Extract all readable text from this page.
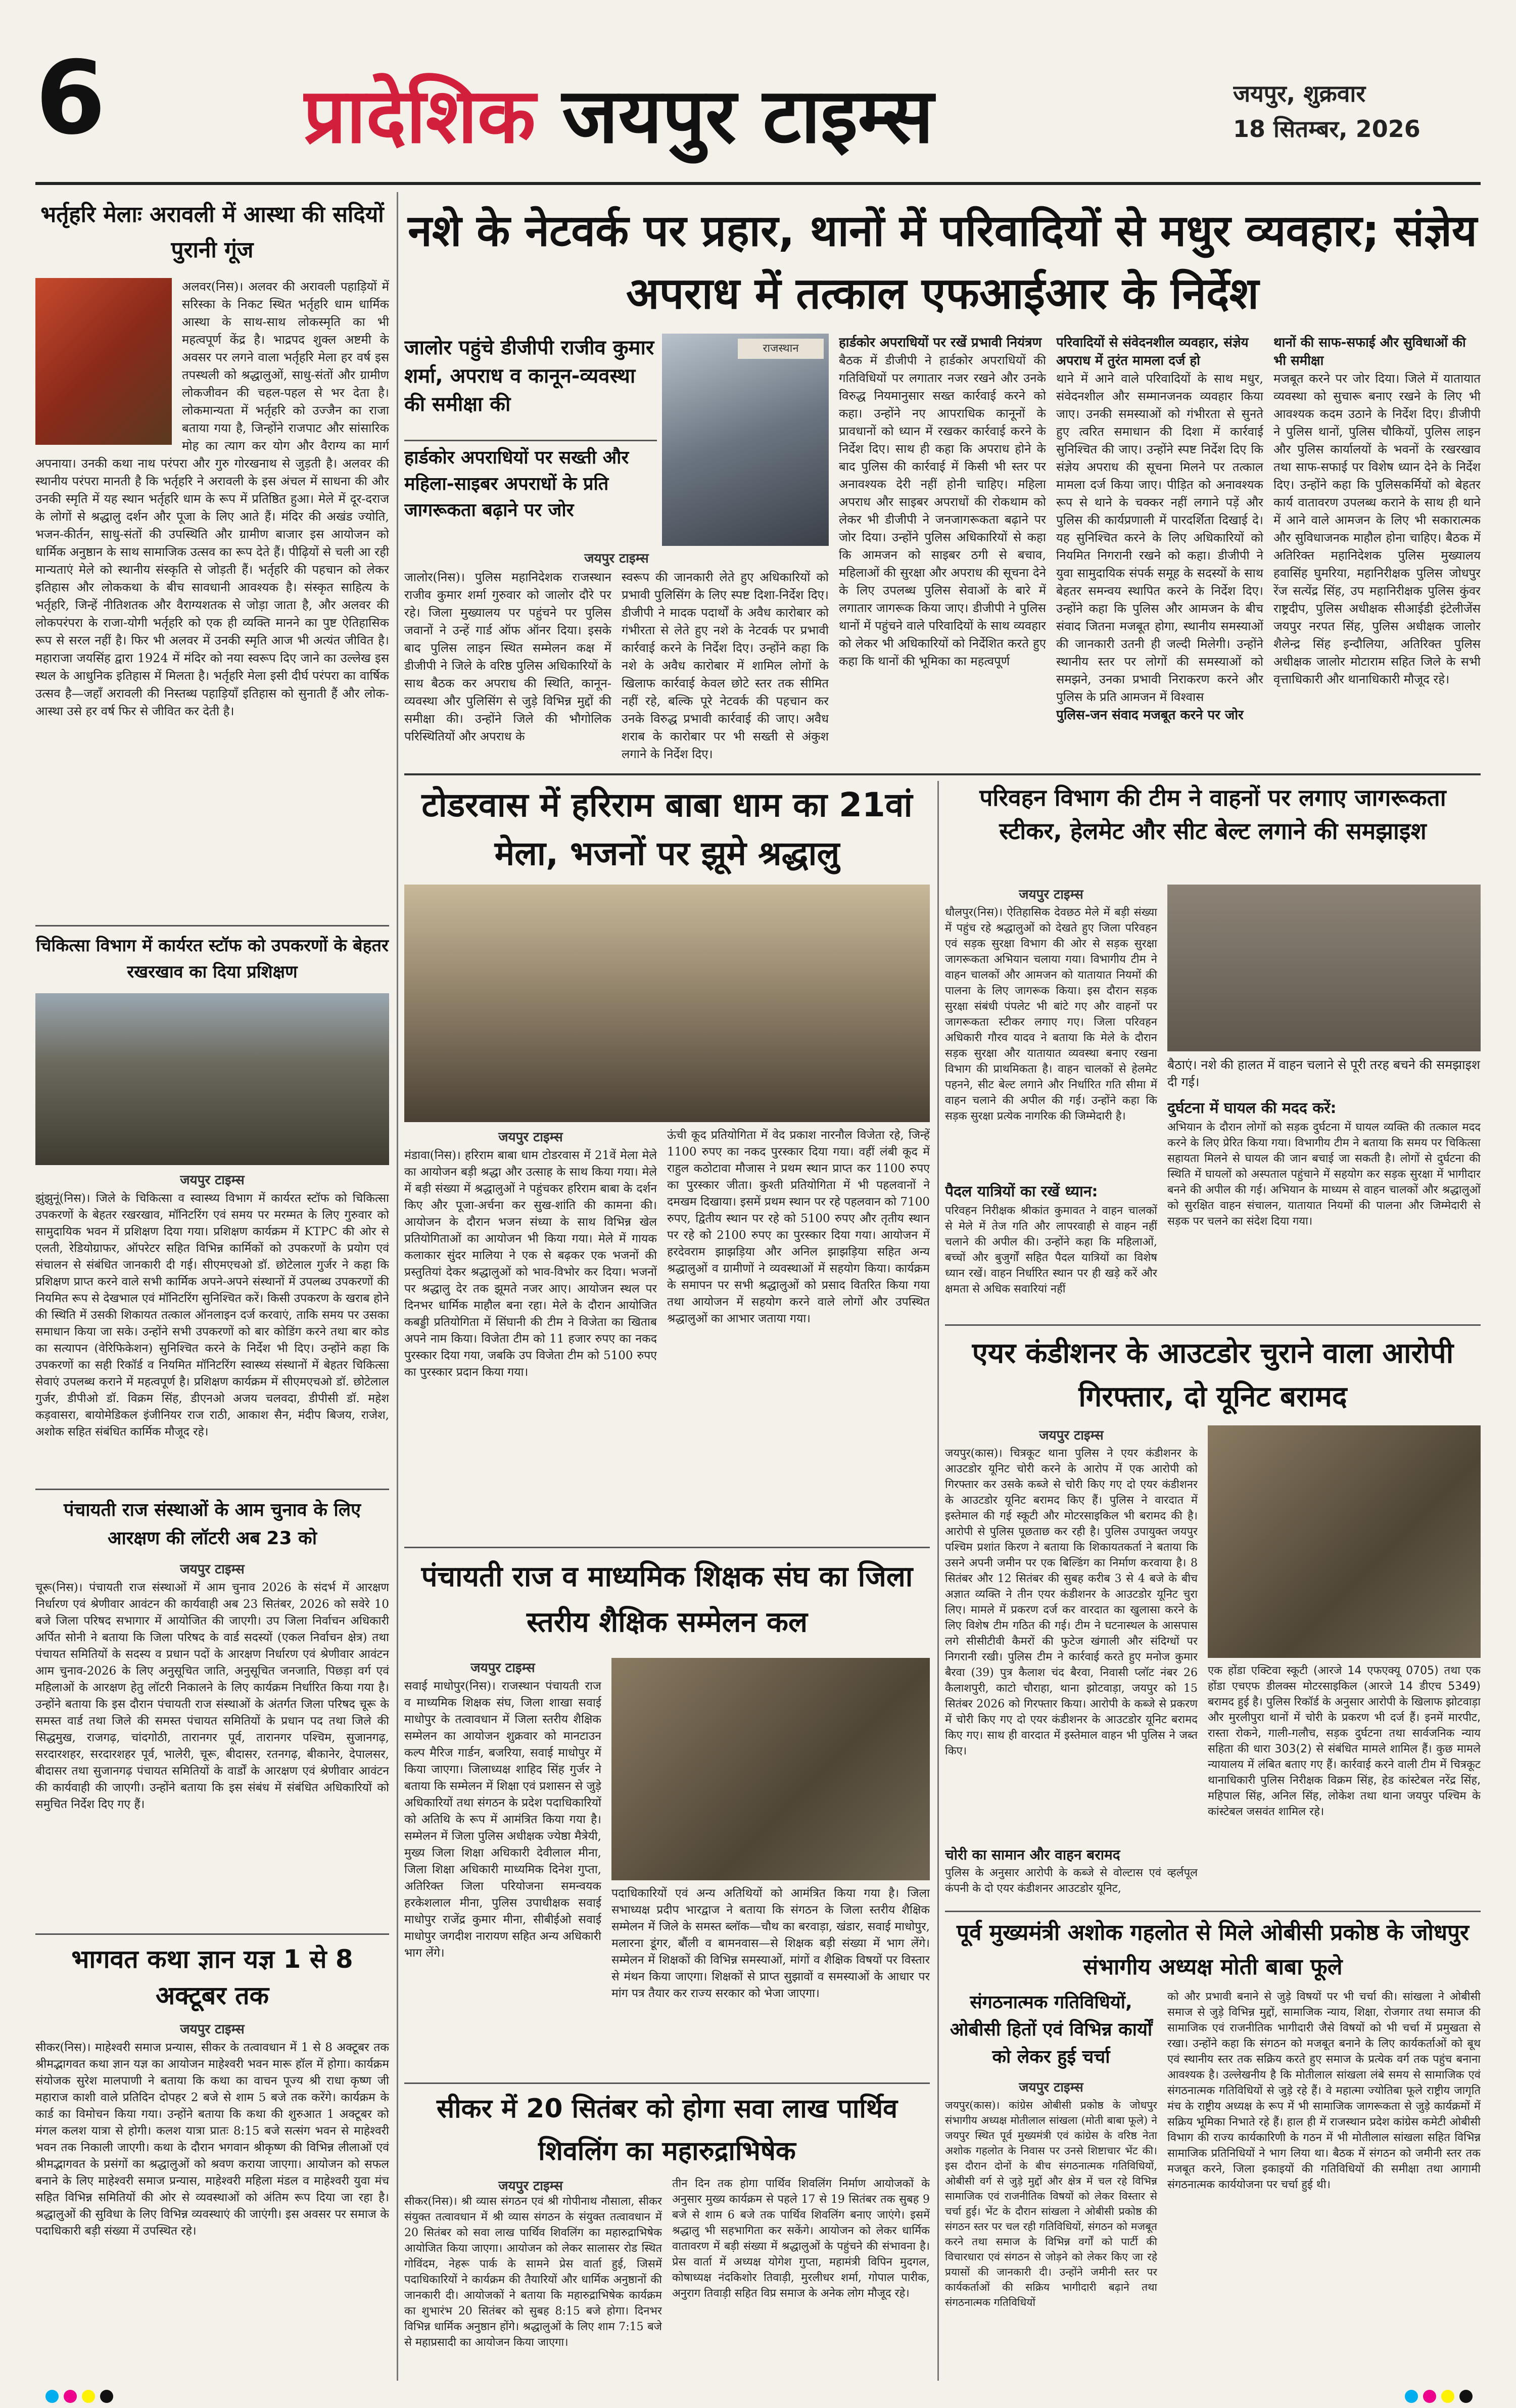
6	प्रादेशिक जयपुर टाइम्स	जयपुर, शुक्रवार
18 सितम्बर, 2026
भर्तृहरि मेलाः अरावली में आस्था की सदियों पुरानी गूंज
अलवर(निस)। अलवर की अरावली पहाड़ियों में सरिस्का के निकट स्थित भर्तृहरि धाम धार्मिक आस्था के साथ-साथ लोकस्मृति का भी महत्वपूर्ण केंद्र है। भाद्रपद शुक्ल अष्टमी के अवसर पर लगने वाला भर्तृहरि मेला हर वर्ष इस तपस्थली को श्रद्धालुओं, साधु-संतों और ग्रामीण लोकजीवन की चहल-पहल से भर देता है। लोकमान्यता में भर्तृहरि को उज्जैन का राजा बताया गया है, जिन्होंने राजपाट और सांसारिक मोह का त्याग कर योग और वैराग्य का मार्ग अपनाया। उनकी कथा नाथ परंपरा और गुरु गोरखनाथ से जुड़ती है। अलवर की स्थानीय परंपरा मानती है कि भर्तृहरि ने अरावली के इस अंचल में साधना की और उनकी स्मृति में यह स्थान भर्तृहरि धाम के रूप में प्रतिष्ठित हुआ। मेले में दूर-दराज के लोगों से श्रद्धालु दर्शन और पूजा के लिए आते हैं। मंदिर की अखंड ज्योति, भजन-कीर्तन, साधु-संतों की उपस्थिति और ग्रामीण बाजार इस आयोजन को धार्मिक अनुष्ठान के साथ सामाजिक उत्सव का रूप देते हैं। पीढ़ियों से चली आ रही मान्यताएं मेले को स्थानीय संस्कृति से जोड़ती हैं। भर्तृहरि की पहचान को लेकर इतिहास और लोककथा के बीच सावधानी आवश्यक है। संस्कृत साहित्य के भर्तृहरि, जिन्हें नीतिशतक और वैराग्यशतक से जोड़ा जाता है, और अलवर की लोकपरंपरा के राजा-योगी भर्तृहरि को एक ही व्यक्ति मानने का पुष्ट ऐतिहासिक रूप से सरल नहीं है। फिर भी अलवर में उनकी स्मृति आज भी अत्यंत जीवित है। महाराजा जयसिंह द्वारा 1924 में मंदिर को नया स्वरूप दिए जाने का उल्लेख इस स्थल के आधुनिक इतिहास में मिलता है। भर्तृहरि मेला इसी दीर्घ परंपरा का वार्षिक उत्सव है—जहाँ अरावली की निस्तब्ध पहाड़ियाँ इतिहास को सुनाती हैं और लोक-आस्था उसे हर वर्ष फिर से जीवित कर देती है।
चिकित्सा विभाग में कार्यरत स्टॉफ को उपकरणों के बेहतर रखरखाव का दिया प्रशिक्षण
जयपुर टाइम्स
झुंझुनूं(निस)। जिले के चिकित्सा व स्वास्थ्य विभाग में कार्यरत स्टॉफ को चिकित्सा उपकरणों के बेहतर रखरखाव, मॉनिटरिंग एवं समय पर मरम्मत के लिए गुरुवार को सामुदायिक भवन में प्रशिक्षण दिया गया। प्रशिक्षण कार्यक्रम में KTPC की ओर से एलती, रेडियोग्राफर, ऑपरेटर सहित विभिन्न कार्मिकों को उपकरणों के प्रयोग एवं संचालन से संबंधित जानकारी दी गई। सीएमएचओ डॉ. छोटेलाल गुर्जर ने कहा कि प्रशिक्षण प्राप्त करने वाले सभी कार्मिक अपने-अपने संस्थानों में उपलब्ध उपकरणों की नियमित रूप से देखभाल एवं मॉनिटरिंग सुनिश्चित करें। किसी उपकरण के खराब होने की स्थिति में उसकी शिकायत तत्काल ऑनलाइन दर्ज करवाएं, ताकि समय पर उसका समाधान किया जा सके। उन्होंने सभी उपकरणों को बार कोडिंग करने तथा बार कोड का सत्यापन (वेरिफिकेशन) सुनिश्चित करने के निर्देश भी दिए। उन्होंने कहा कि उपकरणों का सही रिकॉर्ड व नियमित मॉनिटरिंग स्वास्थ्य संस्थानों में बेहतर चिकित्सा सेवाएं उपलब्ध कराने में महत्वपूर्ण है। प्रशिक्षण कार्यक्रम में सीएमएचओ डॉ. छोटेलाल गुर्जर, डीपीओ डॉ. विक्रम सिंह, डीएनओ अजय चलवदा, डीपीसी डॉ. महेश कड़वासरा, बायोमेडिकल इंजीनियर राज राठी, आकाश सैन, मंदीप बिजय, राजेश, अशोक सहित संबंधित कार्मिक मौजूद रहे।
पंचायती राज संस्थाओं के आम चुनाव के लिए आरक्षण की लॉटरी अब 23 को
जयपुर टाइम्स
चूरू(निस)। पंचायती राज संस्थाओं में आम चुनाव 2026 के संदर्भ में आरक्षण निर्धारण एवं श्रेणीवार आवंटन की कार्यवाही अब 23 सितंबर, 2026 को सवेरे 10 बजे जिला परिषद सभागार में आयोजित की जाएगी। उप जिला निर्वाचन अधिकारी अर्पित सोनी ने बताया कि जिला परिषद के वार्ड सदस्यों (एकल निर्वाचन क्षेत्र) तथा पंचायत समितियों के सदस्य व प्रधान पदों के आरक्षण निर्धारण एवं श्रेणीवार आवंटन आम चुनाव-2026 के लिए अनुसूचित जाति, अनुसूचित जनजाति, पिछड़ा वर्ग एवं महिलाओं के आरक्षण हेतु लॉटरी निकालने के लिए कार्यक्रम निर्धारित किया गया है। उन्होंने बताया कि इस दौरान पंचायती राज संस्थाओं के अंतर्गत जिला परिषद चूरू के समस्त वार्ड तथा जिले की समस्त पंचायत समितियों के प्रधान पद तथा जिले की सिद्धमुख, राजगढ़, चांदगोठी, तारानगर पूर्व, तारानगर पश्चिम, सुजानगढ़, सरदारशहर, सरदारशहर पूर्व, भालेरी, चूरू, बीदासर, रतनगढ़, बीकानेर, देपालसर, बीदासर तथा सुजानगढ़ पंचायत समितियों के वार्डों के आरक्षण एवं श्रेणीवार आवंटन की कार्यवाही की जाएगी। उन्होंने बताया कि इस संबंध में संबंधित अधिकारियों को समुचित निर्देश दिए गए हैं।
भागवत कथा ज्ञान यज्ञ 1 से 8 अक्टूबर तक
जयपुर टाइम्स
सीकर(निस)। माहेश्वरी समाज प्रन्यास, सीकर के तत्वावधान में 1 से 8 अक्टूबर तक श्रीमद्भागवत कथा ज्ञान यज्ञ का आयोजन माहेश्वरी भवन मारू हॉल में होगा। कार्यक्रम संयोजक सुरेश मालपाणी ने बताया कि कथा का वाचन पूज्य श्री राधा कृष्ण जी महाराज काशी वाले प्रतिदिन दोपहर 2 बजे से शाम 5 बजे तक करेंगे। कार्यक्रम के कार्ड का विमोचन किया गया। उन्होंने बताया कि कथा की शुरुआत 1 अक्टूबर को मंगल कलश यात्रा से होगी। कलश यात्रा प्रातः 8:15 बजे सत्संग भवन से माहेश्वरी भवन तक निकाली जाएगी। कथा के दौरान भगवान श्रीकृष्ण की विभिन्न लीलाओं एवं श्रीमद्भागवत के प्रसंगों का श्रद्धालुओं को श्रवण कराया जाएगा। आयोजन को सफल बनाने के लिए माहेश्वरी समाज प्रन्यास, माहेश्वरी महिला मंडल व माहेश्वरी युवा मंच सहित विभिन्न समितियों की ओर से व्यवस्थाओं को अंतिम रूप दिया जा रहा है। श्रद्धालुओं की सुविधा के लिए विभिन्न व्यवस्थाएं की जाएंगी। इस अवसर पर समाज के पदाधिकारी बड़ी संख्या में उपस्थित रहे।
नशे के नेटवर्क पर प्रहार, थानों में परिवादियों से मधुर व्यवहार; संज्ञेय अपराध में तत्काल एफआईआर के निर्देश
जालोर पहुंचे डीजीपी राजीव कुमार शर्मा, अपराध व कानून-व्यवस्था की समीक्षा की
हार्डकोर अपराधियों पर सख्ती और महिला-साइबर अपराधों के प्रति जागरूकता बढ़ाने पर जोर
राजस्थान
जयपुर टाइम्स
जालोर(निस)। पुलिस महानिदेशक राजस्थान राजीव कुमार शर्मा गुरुवार को जालोर दौरे पर रहे। जिला मुख्यालय पर पहुंचने पर पुलिस जवानों ने उन्हें गार्ड ऑफ ऑनर दिया। इसके बाद पुलिस लाइन स्थित सम्मेलन कक्ष में डीजीपी ने जिले के वरिष्ठ पुलिस अधिकारियों के साथ बैठक कर अपराध की स्थिति, कानून-व्यवस्था और पुलिसिंग से जुड़े विभिन्न मुद्दों की समीक्षा की। उन्होंने जिले की भौगोलिक परिस्थितियों और अपराध के
स्वरूप की जानकारी लेते हुए अधिकारियों को प्रभावी पुलिसिंग के लिए स्पष्ट दिशा-निर्देश दिए। डीजीपी ने मादक पदार्थों के अवैध कारोबार को गंभीरता से लेते हुए नशे के नेटवर्क पर प्रभावी कार्रवाई करने के निर्देश दिए। उन्होंने कहा कि नशे के अवैध कारोबार में शामिल लोगों के खिलाफ कार्रवाई केवल छोटे स्तर तक सीमित नहीं रहे, बल्कि पूरे नेटवर्क की पहचान कर उनके विरुद्ध प्रभावी कार्रवाई की जाए। अवैध शराब के कारोबार पर भी सख्ती से अंकुश लगाने के निर्देश दिए।
हार्डकोर अपराधियों पर रखें प्रभावी नियंत्रण
बैठक में डीजीपी ने हार्डकोर अपराधियों की गतिविधियों पर लगातार नजर रखने और उनके विरुद्ध नियमानुसार सख्त कार्रवाई करने को कहा। उन्होंने नए आपराधिक कानूनों के प्रावधानों को ध्यान में रखकर कार्रवाई करने के निर्देश दिए। साथ ही कहा कि अपराध होने के बाद पुलिस की कार्रवाई में किसी भी स्तर पर अनावश्यक देरी नहीं होनी चाहिए। महिला अपराध और साइबर अपराधों की रोकथाम को लेकर भी डीजीपी ने जनजागरूकता बढ़ाने पर जोर दिया। उन्होंने पुलिस अधिकारियों से कहा कि आमजन को साइबर ठगी से बचाव, महिलाओं की सुरक्षा और अपराध की सूचना देने के लिए उपलब्ध पुलिस सेवाओं के बारे में लगातार जागरूक किया जाए। डीजीपी ने पुलिस थानों में पहुंचने वाले परिवादियों के साथ व्यवहार को लेकर भी अधिकारियों को निर्देशित करते हुए कहा कि थानों की भूमिका का महत्वपूर्ण
परिवादियों से संवेदनशील व्यवहार, संज्ञेय अपराध में तुरंत मामला दर्ज हो
थाने में आने वाले परिवादियों के साथ मधुर, संवेदनशील और सम्मानजनक व्यवहार किया जाए। उनकी समस्याओं को गंभीरता से सुनते हुए त्वरित समाधान की दिशा में कार्रवाई सुनिश्चित की जाए। उन्होंने स्पष्ट निर्देश दिए कि संज्ञेय अपराध की सूचना मिलने पर तत्काल मामला दर्ज किया जाए। पीड़ित को अनावश्यक रूप से थाने के चक्कर नहीं लगाने पड़ें और पुलिस की कार्यप्रणाली में पारदर्शिता दिखाई दे। यह सुनिश्चित करने के लिए अधिकारियों को नियमित निगरानी रखने को कहा। डीजीपी ने युवा सामुदायिक संपर्क समूह के सदस्यों के साथ बेहतर समन्वय स्थापित करने के निर्देश दिए। उन्होंने कहा कि पुलिस और आमजन के बीच संवाद जितना मजबूत होगा, स्थानीय समस्याओं की जानकारी उतनी ही जल्दी मिलेगी। उन्होंने स्थानीय स्तर पर लोगों की समस्याओं को समझने, उनका प्रभावी निराकरण करने और पुलिस के प्रति आमजन में विश्वास
पुलिस-जन संवाद मजबूत करने पर जोर
थानों की साफ-सफाई और सुविधाओं की भी समीक्षा
मजबूत करने पर जोर दिया। जिले में यातायात व्यवस्था को सुचारू बनाए रखने के लिए भी आवश्यक कदम उठाने के निर्देश दिए। डीजीपी ने पुलिस थानों, पुलिस चौकियों, पुलिस लाइन और पुलिस कार्यालयों के भवनों के रखरखाव तथा साफ-सफाई पर विशेष ध्यान देने के निर्देश दिए। उन्होंने कहा कि पुलिसकर्मियों को बेहतर कार्य वातावरण उपलब्ध कराने के साथ ही थाने में आने वाले आमजन के लिए भी सकारात्मक और सुविधाजनक माहौल होना चाहिए। बैठक में अतिरिक्त महानिदेशक पुलिस मुख्यालय हवासिंह घुमरिया, महानिरीक्षक पुलिस जोधपुर रेंज सत्येंद्र सिंह, उप महानिरीक्षक पुलिस कुंवर राष्ट्रदीप, पुलिस अधीक्षक सीआईडी इंटेलीजेंस जयपुर नरपत सिंह, पुलिस अधीक्षक जालोर शैलेन्द्र सिंह इन्दौलिया, अतिरिक्त पुलिस अधीक्षक जालोर मोटाराम सहित जिले के सभी वृत्ताधिकारी और थानाधिकारी मौजूद रहे।
टोडरवास में हरिराम बाबा धाम का 21वां मेला, भजनों पर झूमे श्रद्धालु
जयपुर टाइम्स
मंडावा(निस)। हरिराम बाबा धाम टोडरवास में 21वें मेला मेले का आयोजन बड़ी श्रद्धा और उत्साह के साथ किया गया। मेले में बड़ी संख्या में श्रद्धालुओं ने पहुंचकर हरिराम बाबा के दर्शन किए और पूजा-अर्चना कर सुख-शांति की कामना की। आयोजन के दौरान भजन संध्या के साथ विभिन्न खेल प्रतियोगिताओं का आयोजन भी किया गया। मेले में गायक कलाकार सुंदर मालिया ने एक से बढ़कर एक भजनों की प्रस्तुतियां देकर श्रद्धालुओं को भाव-विभोर कर दिया। भजनों पर श्रद्धालु देर तक झूमते नजर आए। आयोजन स्थल पर दिनभर धार्मिक माहौल बना रहा। मेले के दौरान आयोजित कबड्डी प्रतियोगिता में सिंघानी की टीम ने विजेता का खिताब अपने नाम किया। विजेता टीम को 11 हजार रुपए का नकद पुरस्कार दिया गया, जबकि उप विजेता टीम को 5100 रुपए का पुरस्कार प्रदान किया गया।
ऊंची कूद प्रतियोगिता में वेद प्रकाश नारनौल विजेता रहे, जिन्हें 1100 रुपए का नकद पुरस्कार दिया गया। वहीं लंबी कूद में राहुल कठोटावा मौजास ने प्रथम स्थान प्राप्त कर 1100 रुपए का पुरस्कार जीता। कुश्ती प्रतियोगिता में भी पहलवानों ने दमखम दिखाया। इसमें प्रथम स्थान पर रहे पहलवान को 7100 रुपए, द्वितीय स्थान पर रहे को 5100 रुपए और तृतीय स्थान पर रहे को 2100 रुपए का पुरस्कार दिया गया। आयोजन में हरदेवराम झाझड़िया और अनिल झाझड़िया सहित अन्य श्रद्धालुओं व ग्रामीणों ने व्यवस्थाओं में सहयोग किया। कार्यक्रम के समापन पर सभी श्रद्धालुओं को प्रसाद वितरित किया गया तथा आयोजन में सहयोग करने वाले लोगों और उपस्थित श्रद्धालुओं का आभार जताया गया।
पंचायती राज व माध्यमिक शिक्षक संघ का जिला स्तरीय शैक्षिक सम्मेलन कल
जयपुर टाइम्स
सवाई माधोपुर(निस)। राजस्थान पंचायती राज व माध्यमिक शिक्षक संघ, जिला शाखा सवाई माधोपुर के तत्वावधान में जिला स्तरीय शैक्षिक सम्मेलन का आयोजन शुक्रवार को मानटाउन कल्प मैरिज गार्डन, बजरिया, सवाई माधोपुर में किया जाएगा। जिलाध्यक्ष शाहिद सिंह गुर्जर ने बताया कि सम्मेलन में शिक्षा एवं प्रशासन से जुड़े अधिकारियों तथा संगठन के प्रदेश पदाधिकारियों को अतिथि के रूप में आमंत्रित किया गया है। सम्मेलन में जिला पुलिस अधीक्षक ज्येष्ठा मैत्रेयी, मुख्य जिला शिक्षा अधिकारी देवीलाल मीना, जिला शिक्षा अधिकारी माध्यमिक दिनेश गुप्ता, अतिरिक्त जिला परियोजना समन्वयक हरकेशलाल मीना, पुलिस उपाधीक्षक सवाई माधोपुर राजेंद्र कुमार मीना, सीबीईओ सवाई माधोपुर जगदीश नारायण सहित अन्य अधिकारी भाग लेंगे।
पदाधिकारियों एवं अन्य अतिथियों को आमंत्रित किया गया है। जिला सभाध्यक्ष प्रदीप भारद्वाज ने बताया कि संगठन के जिला स्तरीय शैक्षिक सम्मेलन में जिले के समस्त ब्लॉक—चौथ का बरवाड़ा, खंडार, सवाई माधोपुर, मलारना डूंगर, बौंली व बामनवास—से शिक्षक बड़ी संख्या में भाग लेंगे। सम्मेलन में शिक्षकों की विभिन्न समस्याओं, मांगों व शैक्षिक विषयों पर विस्तार से मंथन किया जाएगा। शिक्षकों से प्राप्त सुझावों व समस्याओं के आधार पर मांग पत्र तैयार कर राज्य सरकार को भेजा जाएगा।
सीकर में 20 सितंबर को होगा सवा लाख पार्थिव शिवलिंग का महारुद्राभिषेक
जयपुर टाइम्स
सीकर(निस)। श्री व्यास संगठन एवं श्री गोपीनाथ नौसाला, सीकर संयुक्त तत्वावधान में श्री व्यास संगठन के संयुक्त तत्वावधान में 20 सितंबर को सवा लाख पार्थिव शिवलिंग का महारुद्राभिषेक आयोजित किया जाएगा। आयोजन को लेकर सालासर रोड स्थित गोविंदम, नेहरू पार्क के सामने प्रेस वार्ता हुई, जिसमें पदाधिकारियों ने कार्यक्रम की तैयारियों और धार्मिक अनुष्ठानों की जानकारी दी। आयोजकों ने बताया कि महारुद्राभिषेक कार्यक्रम का शुभारंभ 20 सितंबर को सुबह 8:15 बजे होगा। दिनभर विभिन्न धार्मिक अनुष्ठान होंगे। श्रद्धालुओं के लिए शाम 7:15 बजे से महाप्रसादी का आयोजन किया जाएगा।
तीन दिन तक होगा पार्थिव शिवलिंग निर्माण आयोजकों के अनुसार मुख्य कार्यक्रम से पहले 17 से 19 सितंबर तक सुबह 9 बजे से शाम 6 बजे तक पार्थिव शिवलिंग बनाए जाएंगे। इसमें श्रद्धालु भी सहभागिता कर सकेंगे। आयोजन को लेकर धार्मिक वातावरण में बड़ी संख्या में श्रद्धालुओं के पहुंचने की संभावना है। प्रेस वार्ता में अध्यक्ष योगेश गुप्ता, महामंत्री विपिन मुदगल, कोषाध्यक्ष नंदकिशोर तिवाड़ी, मुरलीधर शर्मा, गोपाल पारीक, अनुराग तिवाड़ी सहित विप्र समाज के अनेक लोग मौजूद रहे।
परिवहन विभाग की टीम ने वाहनों पर लगाए जागरूकता स्टीकर, हेलमेट और सीट बेल्ट लगाने की समझाइश
जयपुर टाइम्स
धौलपुर(निस)। ऐतिहासिक देवछठ मेले में बड़ी संख्या में पहुंच रहे श्रद्धालुओं को देखते हुए जिला परिवहन एवं सड़क सुरक्षा विभाग की ओर से सड़क सुरक्षा जागरूकता अभियान चलाया गया। विभागीय टीम ने वाहन चालकों और आमजन को यातायात नियमों की पालना के लिए जागरूक किया। इस दौरान सड़क सुरक्षा संबंधी पंपलेट भी बांटे गए और वाहनों पर जागरूकता स्टीकर लगाए गए। जिला परिवहन अधिकारी गौरव यादव ने बताया कि मेले के दौरान सड़क सुरक्षा और यातायात व्यवस्था बनाए रखना विभाग की प्राथमिकता है। वाहन चालकों से हेलमेट पहनने, सीट बेल्ट लगाने और निर्धारित गति सीमा में वाहन चलाने की अपील की गई। उन्होंने कहा कि सड़क सुरक्षा प्रत्येक नागरिक की जिम्मेदारी है।
बैठाएं। नशे की हालत में वाहन चलाने से पूरी तरह बचने की समझाइश दी गई।
पैदल यात्रियों का रखें ध्यान:
परिवहन निरीक्षक श्रीकांत कुमावत ने वाहन चालकों से मेले में तेज गति और लापरवाही से वाहन नहीं चलाने की अपील की। उन्होंने कहा कि महिलाओं, बच्चों और बुजुर्गों सहित पैदल यात्रियों का विशेष ध्यान रखें। वाहन निर्धारित स्थान पर ही खड़े करें और क्षमता से अधिक सवारियां नहीं
दुर्घटना में घायल की मदद करें:
अभियान के दौरान लोगों को सड़क दुर्घटना में घायल व्यक्ति की तत्काल मदद करने के लिए प्रेरित किया गया। विभागीय टीम ने बताया कि समय पर चिकित्सा सहायता मिलने से घायल की जान बचाई जा सकती है। लोगों से दुर्घटना की स्थिति में घायलों को अस्पताल पहुंचाने में सहयोग कर सड़क सुरक्षा में भागीदार बनने की अपील की गई। अभियान के माध्यम से वाहन चालकों और श्रद्धालुओं को सुरक्षित वाहन संचालन, यातायात नियमों की पालना और जिम्मेदारी से सड़क पर चलने का संदेश दिया गया।
एयर कंडीशनर के आउटडोर चुराने वाला आरोपी गिरफ्तार, दो यूनिट बरामद
जयपुर टाइम्स
जयपुर(कास)। चित्रकूट थाना पुलिस ने एयर कंडीशनर के आउटडोर यूनिट चोरी करने के आरोप में एक आरोपी को गिरफ्तार कर उसके कब्जे से चोरी किए गए दो एयर कंडीशनर के आउटडोर यूनिट बरामद किए हैं। पुलिस ने वारदात में इस्तेमाल की गई स्कूटी और मोटरसाइकिल भी बरामद की है। आरोपी से पुलिस पूछताछ कर रही है। पुलिस उपायुक्त जयपुर पश्चिम प्रशांत किरण ने बताया कि शिकायतकर्ता ने बताया कि उसने अपनी जमीन पर एक बिल्डिंग का निर्माण करवाया है। 8 सितंबर और 12 सितंबर की सुबह करीब 3 से 4 बजे के बीच अज्ञात व्यक्ति ने तीन एयर कंडीशनर के आउटडोर यूनिट चुरा लिए। मामले में प्रकरण दर्ज कर वारदात का खुलासा करने के लिए विशेष टीम गठित की गई। टीम ने घटनास्थल के आसपास लगे सीसीटीवी कैमरों की फुटेज खंगाली और संदिग्धों पर निगरानी रखी। पुलिस टीम ने कार्रवाई करते हुए मनोज कुमार बैरवा (39) पुत्र कैलाश चंद बैरवा, निवासी प्लॉट नंबर 26 कैलाशपुरी, काटो चौराहा, थाना झोटवाड़ा, जयपुर को 15 सितंबर 2026 को गिरफ्तार किया। आरोपी के कब्जे से प्रकरण में चोरी किए गए दो एयर कंडीशनर के आउटडोर यूनिट बरामद किए गए। साथ ही वारदात में इस्तेमाल वाहन भी पुलिस ने जब्त किए।
चोरी का सामान और वाहन बरामद
पुलिस के अनुसार आरोपी के कब्जे से वोल्टास एवं व्हर्लपूल कंपनी के दो एयर कंडीशनर आउटडोर यूनिट,
एक होंडा एक्टिवा स्कूटी (आरजे 14 एफएक्यू 0705) तथा एक होंडा एचएफ डीलक्स मोटरसाइकिल (आरजे 14 डीएच 5349) बरामद हुई है। पुलिस रिकॉर्ड के अनुसार आरोपी के खिलाफ झोटवाड़ा और मुरलीपुरा थानों में चोरी के प्रकरण भी दर्ज हैं। इनमें मारपीट, रास्ता रोकने, गाली-गलौच, सड़क दुर्घटना तथा सार्वजनिक न्याय सहिता की धारा 303(2) से संबंधित मामले शामिल हैं। कुछ मामले न्यायालय में लंबित बताए गए हैं। कार्रवाई करने वाली टीम में चित्रकूट थानाधिकारी पुलिस निरीक्षक विक्रम सिंह, हेड कांस्टेबल नरेंद्र सिंह, महिपाल सिंह, अनिल सिंह, लोकेश तथा थाना जयपुर पश्चिम के कांस्टेबल जसवंत शामिल रहे।
पूर्व मुख्यमंत्री अशोक गहलोत से मिले ओबीसी प्रकोष्ठ के जोधपुर संभागीय अध्यक्ष मोती बाबा फूले
संगठनात्मक गतिविधियों, ओबीसी हितों एवं विभिन्न कार्यों को लेकर हुई चर्चा
जयपुर टाइम्स
जयपुर(कास)। कांग्रेस ओबीसी प्रकोष्ठ के जोधपुर संभागीय अध्यक्ष मोतीलाल सांखला (मोती बाबा फूले) ने जयपुर स्थित पूर्व मुख्यमंत्री एवं कांग्रेस के वरिष्ठ नेता अशोक गहलोत के निवास पर उनसे शिष्टाचार भेंट की। इस दौरान दोनों के बीच संगठनात्मक गतिविधियों, ओबीसी वर्ग से जुड़े मुद्दों और क्षेत्र में चल रहे विभिन्न सामाजिक एवं राजनीतिक विषयों को लेकर विस्तार से चर्चा हुई। भेंट के दौरान सांखला ने ओबीसी प्रकोष्ठ की संगठन स्तर पर चल रही गतिविधियों, संगठन को मजबूत करने तथा समाज के विभिन्न वर्गों को पार्टी की विचारधारा एवं संगठन से जोड़ने को लेकर किए जा रहे प्रयासों की जानकारी दी। उन्होंने जमीनी स्तर पर कार्यकर्ताओं की सक्रिय भागीदारी बढ़ाने तथा संगठनात्मक गतिविधियों
को और प्रभावी बनाने से जुड़े विषयों पर भी चर्चा की। सांखला ने ओबीसी समाज से जुड़े विभिन्न मुद्दों, सामाजिक न्याय, शिक्षा, रोजगार तथा समाज की सामाजिक एवं राजनीतिक भागीदारी जैसे विषयों को भी चर्चा में प्रमुखता से रखा। उन्होंने कहा कि संगठन को मजबूत बनाने के लिए कार्यकर्ताओं को बूथ एवं स्थानीय स्तर तक सक्रिय करते हुए समाज के प्रत्येक वर्ग तक पहुंच बनाना आवश्यक है। उल्लेखनीय है कि मोतीलाल सांखला लंबे समय से सामाजिक एवं संगठनात्मक गतिविधियों से जुड़े रहे हैं। वे महात्मा ज्योतिबा फूले राष्ट्रीय जागृति मंच के राष्ट्रीय अध्यक्ष के रूप में भी सामाजिक जागरूकता से जुड़े कार्यक्रमों में सक्रिय भूमिका निभाते रहे हैं। हाल ही में राजस्थान प्रदेश कांग्रेस कमेटी ओबीसी विभाग की राज्य कार्यकारिणी के गठन में भी मोतीलाल सांखला सहित विभिन्न सामाजिक प्रतिनिधियों ने भाग लिया था। बैठक में संगठन को जमीनी स्तर तक मजबूत करने, जिला इकाइयों की गतिविधियों की समीक्षा तथा आगामी संगठनात्मक कार्ययोजना पर चर्चा हुई थी।
